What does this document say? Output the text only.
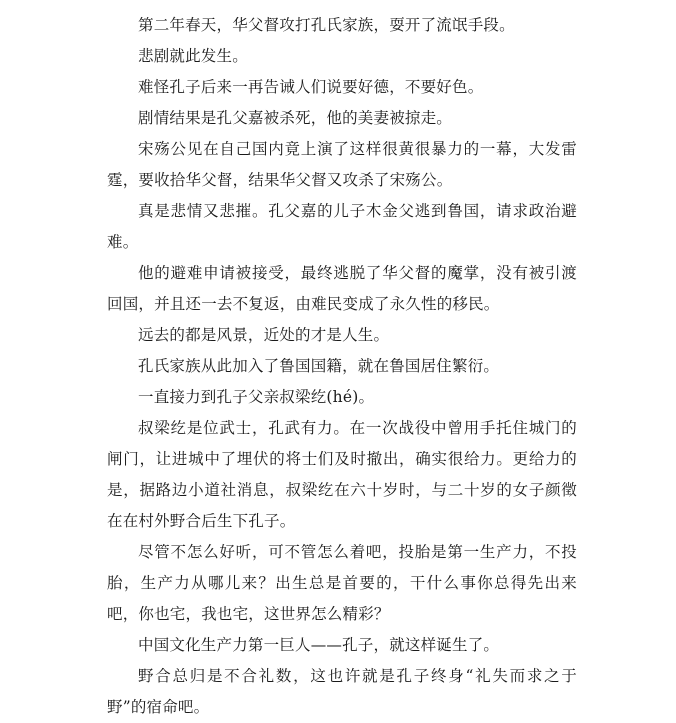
第二年春天，华父督攻打孔氏家族，耍开了流氓手段。

悲剧就此发生。

难怪孔子后来一再告诫人们说要好德，不要好色。

剧情结果是孔父嘉被杀死，他的美妻被掠走。

宋殇公见在自己国内竟上演了这样很黄很暴力的一幕，大发雷霆，要收拾华父督，结果华父督又攻杀了宋殇公。

真是悲情又悲摧。孔父嘉的儿子木金父逃到鲁国，请求政治避难。

他的避难申请被接受，最终逃脱了华父督的魔掌，没有被引渡回国，并且还一去不复返，由难民变成了永久性的移民。

远去的都是风景，近处的才是人生。

孔氏家族从此加入了鲁国国籍，就在鲁国居住繁衍。

一直接力到孔子父亲叔梁纥(hé)。

叔梁纥是位武士，孔武有力。在一次战役中曾用手托住城门的闸门，让进城中了埋伏的将士们及时撤出，确实很给力。更给力的是，据路边小道社消息，叔梁纥在六十岁时，与二十岁的女子颜徵在在村外野合后生下孔子。

尽管不怎么好听，可不管怎么着吧，投胎是第一生产力，不投胎，生产力从哪儿来？出生总是首要的，干什么事你总得先出来吧，你也宅，我也宅，这世界怎么精彩？

中国文化生产力第一巨人——孔子，就这样诞生了。

野合总归是不合礼数，这也许就是孔子终身“礼失而求之于野”的宿命吧。
